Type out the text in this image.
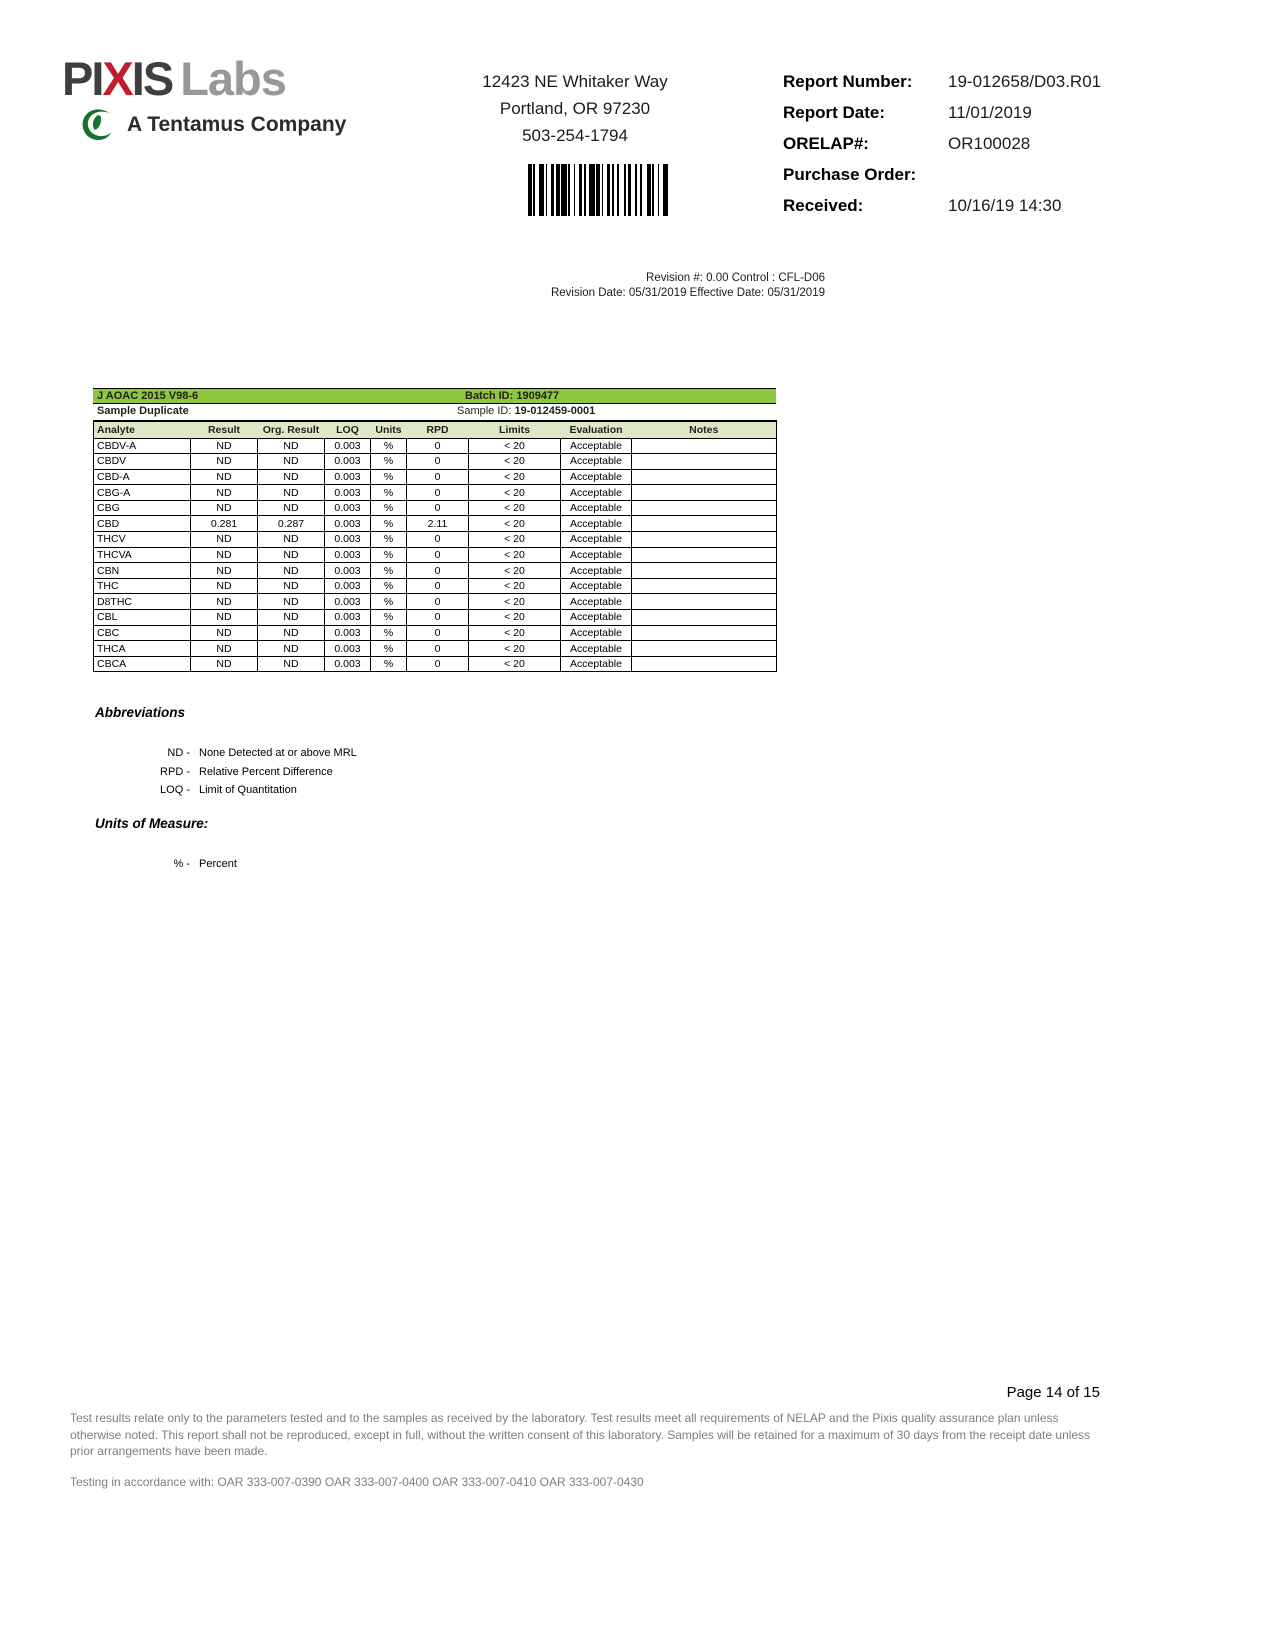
PIXIS Labs
A Tentamus Company
12423 NE Whitaker Way
Portland, OR 97230
503-254-1794
Report Number:	19-012658/D03.R01
Report Date:	11/01/2019
ORELAP#:	OR100028
Purchase Order:
Received:	10/16/19 14:30
Revision #: 0.00 Control : CFL-D06
Revision Date: 05/31/2019 Effective Date: 05/31/2019
J AOAC 2015 V98-6	Batch ID: 1909477
Sample Duplicate	Sample ID: 19-012459-0001
Analyte	Result	Org. Result	LOQ	Units	RPD	Limits	Evaluation	Notes
CBDV-A	ND	ND	0.003	%	0	< 20	Acceptable	
CBDV	ND	ND	0.003	%	0	< 20	Acceptable	
CBD-A	ND	ND	0.003	%	0	< 20	Acceptable	
CBG-A	ND	ND	0.003	%	0	< 20	Acceptable	
CBG	ND	ND	0.003	%	0	< 20	Acceptable	
CBD	0.281	0.287	0.003	%	2.11	< 20	Acceptable	
THCV	ND	ND	0.003	%	0	< 20	Acceptable	
THCVA	ND	ND	0.003	%	0	< 20	Acceptable	
CBN	ND	ND	0.003	%	0	< 20	Acceptable	
THC	ND	ND	0.003	%	0	< 20	Acceptable	
D8THC	ND	ND	0.003	%	0	< 20	Acceptable	
CBL	ND	ND	0.003	%	0	< 20	Acceptable	
CBC	ND	ND	0.003	%	0	< 20	Acceptable	
THCA	ND	ND	0.003	%	0	< 20	Acceptable	
CBCA	ND	ND	0.003	%	0	< 20	Acceptable	
Abbreviations
ND - None Detected at or above MRL
RPD - Relative Percent Difference
LOQ - Limit of Quantitation
Units of Measure:
% - Percent
Page 14 of 15
Test results relate only to the parameters tested and to the samples as received by the laboratory. Test results meet all requirements of NELAP and the Pixis quality assurance plan unless
otherwise noted. This report shall not be reproduced, except in full, without the written consent of this laboratory. Samples will be retained for a maximum of 30 days from the receipt date unless
prior arrangements have been made.
Testing in accordance with: OAR 333-007-0390 OAR 333-007-0400 OAR 333-007-0410 OAR 333-007-0430
